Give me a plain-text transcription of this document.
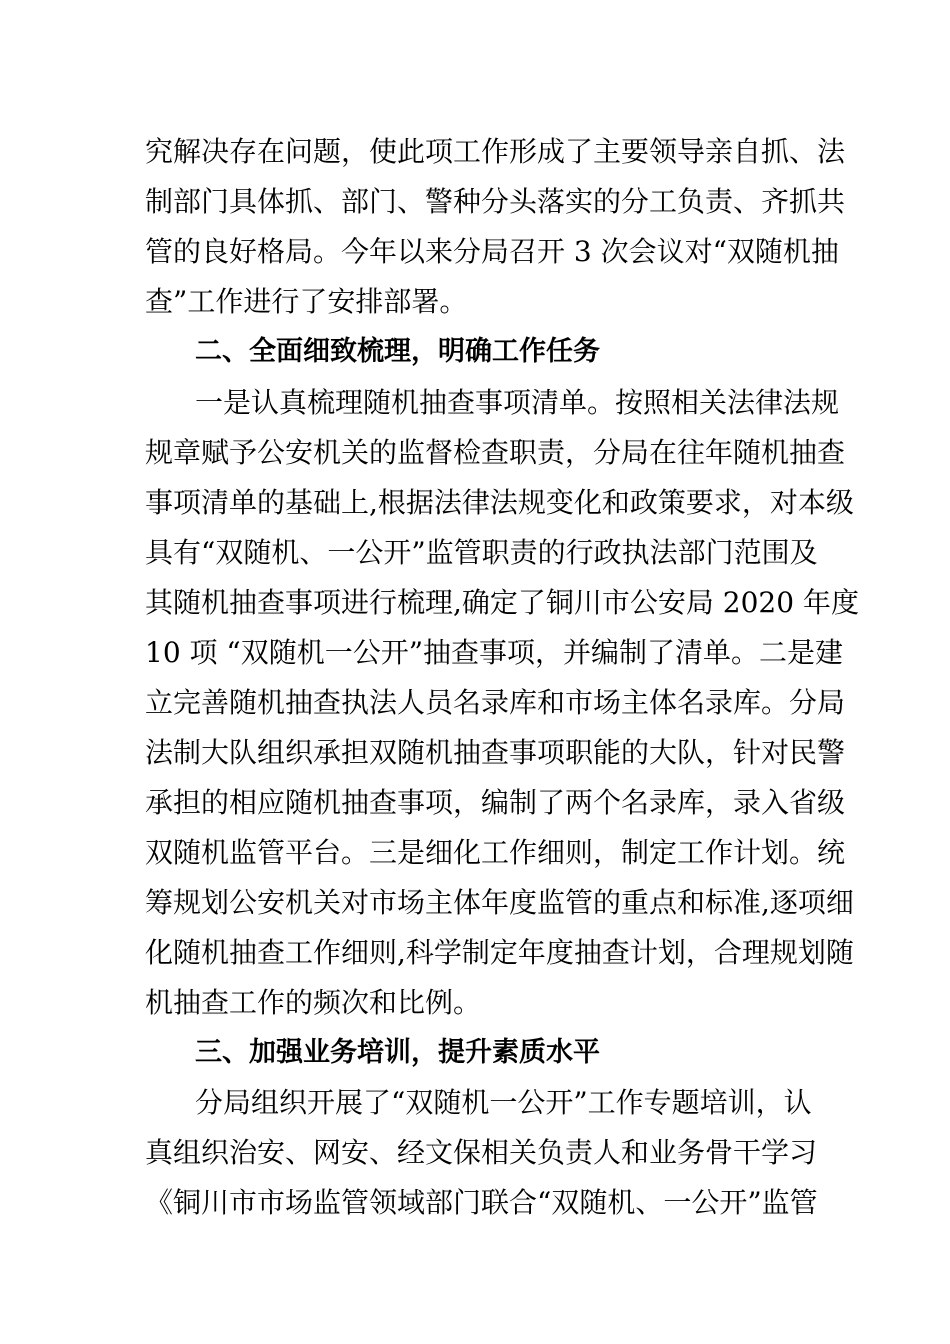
究解决存在问题，使此项工作形成了主要领导亲自抓、法
制部门具体抓、部门、警种分头落实的分工负责、齐抓共
管的良好格局。今年以来分局召开 3 次会议对“双随机抽
查”工作进行了安排部署。
二、全面细致梳理，明确工作任务
一是认真梳理随机抽查事项清单。按照相关法律法规
规章赋予公安机关的监督检查职责，分局在往年随机抽查
事项清单的基础上,根据法律法规变化和政策要求，对本级
具有“双随机、一公开”监管职责的行政执法部门范围及
其随机抽查事项进行梳理,确定了铜川市公安局 2020 年度
10 项 “双随机一公开”抽查事项，并编制了清单。二是建
立完善随机抽查执法人员名录库和市场主体名录库。分局
法制大队组织承担双随机抽查事项职能的大队，针对民警
承担的相应随机抽查事项，编制了两个名录库，录入省级
双随机监管平台。三是细化工作细则，制定工作计划。统
筹规划公安机关对市场主体年度监管的重点和标准,逐项细
化随机抽查工作细则,科学制定年度抽查计划，合理规划随
机抽查工作的频次和比例。
三、加强业务培训，提升素质水平
分局组织开展了“双随机一公开”工作专题培训，认
真组织治安、网安、经文保相关负责人和业务骨干学习
《铜川市市场监管领域部门联合“双随机、一公开”监管
